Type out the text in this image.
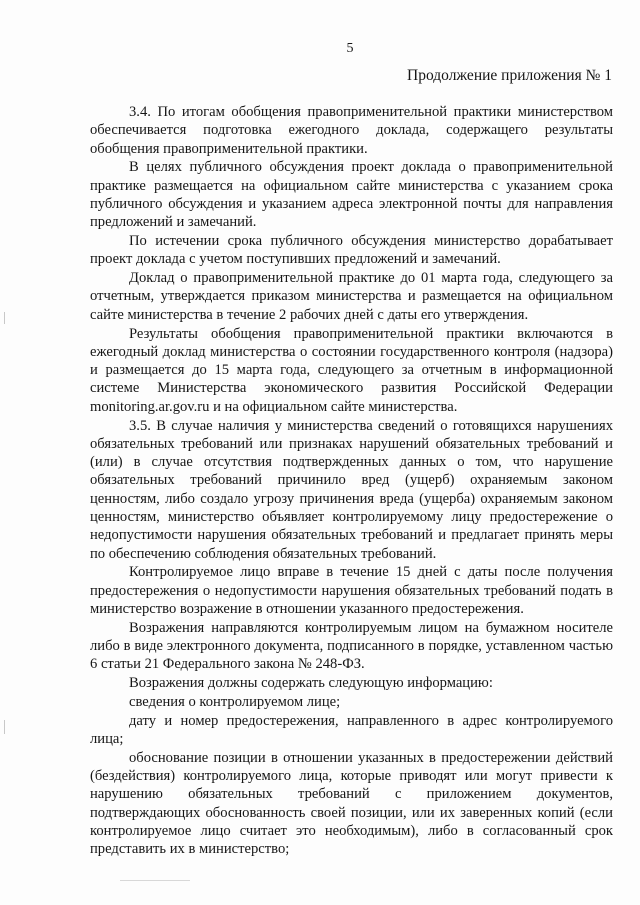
5
Продолжение приложения № 1

3.4. По итогам обобщения правоприменительной практики министерством обеспечивается подготовка ежегодного доклада, содержащего результаты обобщения правоприменительной практики.

В целях публичного обсуждения проект доклада о правоприменительной практике размещается на официальном сайте министерства с указанием срока публичного обсуждения и указанием адреса электронной почты для направления предложений и замечаний.

По истечении срока публичного обсуждения министерство дорабатывает проект доклада с учетом поступивших предложений и замечаний.

Доклад о правоприменительной практике до 01 марта года, следующего за отчетным, утверждается приказом министерства и размещается на официальном сайте министерства в течение 2 рабочих дней с даты его утверждения.

Результаты обобщения правоприменительной практики включаются в ежегодный доклад министерства о состоянии государственного контроля (надзора) и размещается до 15 марта года, следующего за отчетным в информационной системе Министерства экономического развития Российской Федерации monitoring.ar.gov.ru и на официальном сайте министерства.

3.5. В случае наличия у министерства сведений о готовящихся нарушениях обязательных требований или признаках нарушений обязательных требований и (или) в случае отсутствия подтвержденных данных о том, что нарушение обязательных требований причинило вред (ущерб) охраняемым законом ценностям, либо создало угрозу причинения вреда (ущерба) охраняемым законом ценностям, министерство объявляет контролируемому лицу предостережение о недопустимости нарушения обязательных требований и предлагает принять меры по обеспечению соблюдения обязательных требований.

Контролируемое лицо вправе в течение 15 дней с даты после получения предостережения о недопустимости нарушения обязательных требований подать в министерство возражение в отношении указанного предостережения.

Возражения направляются контролируемым лицом на бумажном носителе либо в виде электронного документа, подписанного в порядке, уставленном частью 6 статьи 21 Федерального закона № 248-ФЗ.

Возражения должны содержать следующую информацию:

сведения о контролируемом лице;

дату и номер предостережения, направленного в адрес контролируемого лица;

обоснование позиции в отношении указанных в предостережении действий (бездействия) контролируемого лица, которые приводят или могут привести к нарушению обязательных требований с приложением документов, подтверждающих обоснованность своей позиции, или их заверенных копий (если контролируемое лицо считает это необходимым), либо в согласованный срок представить их в министерство;
